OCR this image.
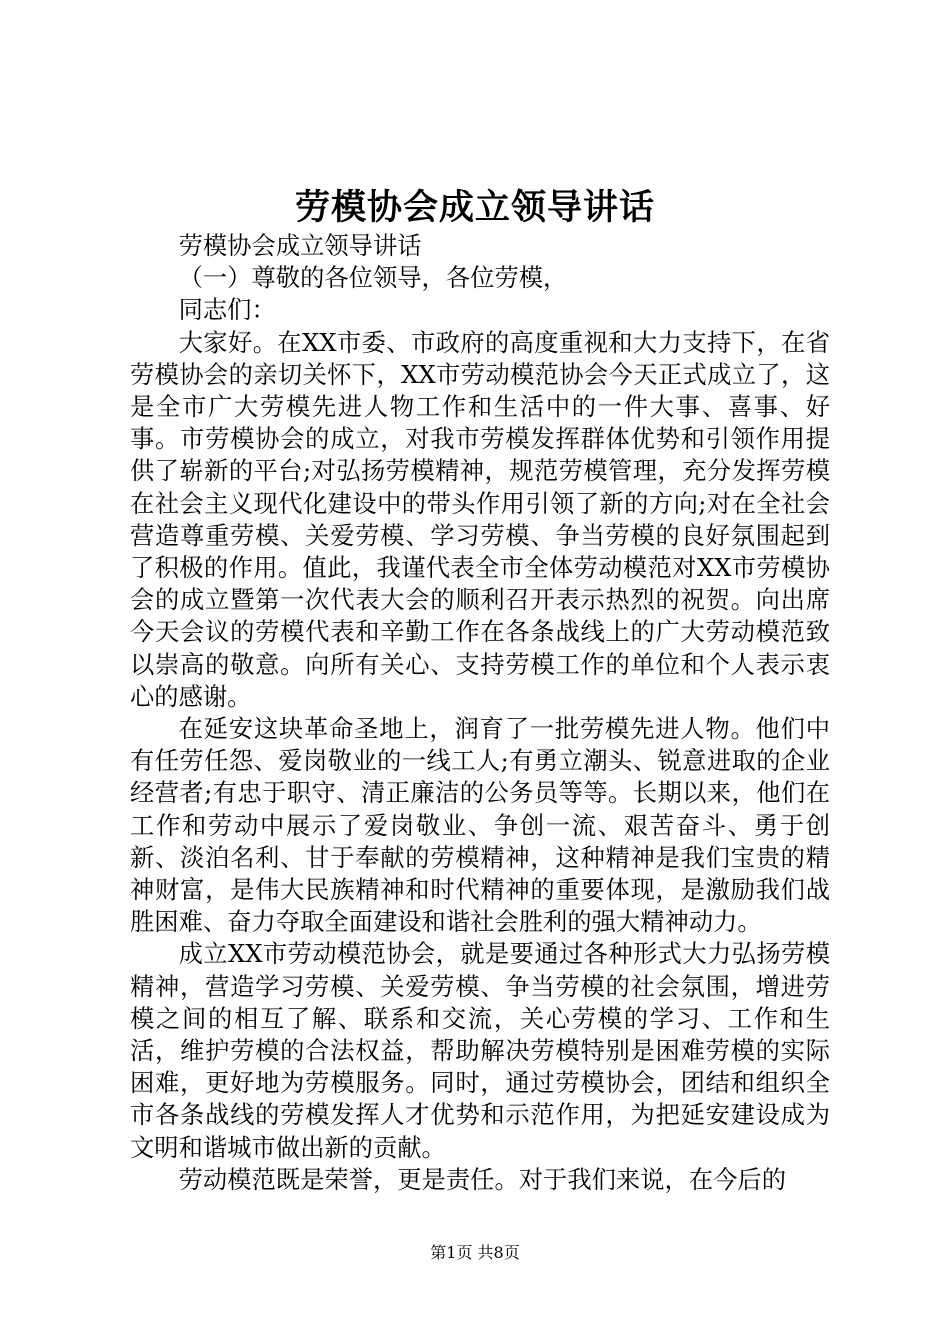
劳模协会成立领导讲话

劳模协会成立领导讲话

（一）尊敬的各位领导，各位劳模，

同志们：

大家好。在XX市委、市政府的高度重视和大力支持下，在省劳模协会的亲切关怀下，XX市劳动模范协会今天正式成立了，这是全市广大劳模先进人物工作和生活中的一件大事、喜事、好事。市劳模协会的成立，对我市劳模发挥群体优势和引领作用提供了崭新的平台;对弘扬劳模精神，规范劳模管理，充分发挥劳模在社会主义现代化建设中的带头作用引领了新的方向;对在全社会营造尊重劳模、关爱劳模、学习劳模、争当劳模的良好氛围起到了积极的作用。值此，我谨代表全市全体劳动模范对XX市劳模协会的成立暨第一次代表大会的顺利召开表示热烈的祝贺。向出席今天会议的劳模代表和辛勤工作在各条战线上的广大劳动模范致以崇高的敬意。向所有关心、支持劳模工作的单位和个人表示衷心的感谢。

在延安这块革命圣地上，润育了一批劳模先进人物。他们中有任劳任怨、爱岗敬业的一线工人;有勇立潮头、锐意进取的企业经营者;有忠于职守、清正廉洁的公务员等等。长期以来，他们在工作和劳动中展示了爱岗敬业、争创一流、艰苦奋斗、勇于创新、淡泊名利、甘于奉献的劳模精神，这种精神是我们宝贵的精神财富，是伟大民族精神和时代精神的重要体现，是激励我们战胜困难、奋力夺取全面建设和谐社会胜利的强大精神动力。

成立XX市劳动模范协会，就是要通过各种形式大力弘扬劳模精神，营造学习劳模、关爱劳模、争当劳模的社会氛围，增进劳模之间的相互了解、联系和交流，关心劳模的学习、工作和生活，维护劳模的合法权益，帮助解决劳模特别是困难劳模的实际困难，更好地为劳模服务。同时，通过劳模协会，团结和组织全市各条战线的劳模发挥人才优势和示范作用，为把延安建设成为文明和谐城市做出新的贡献。

劳动模范既是荣誉，更是责任。对于我们来说，在今后的

第1页 共8页
